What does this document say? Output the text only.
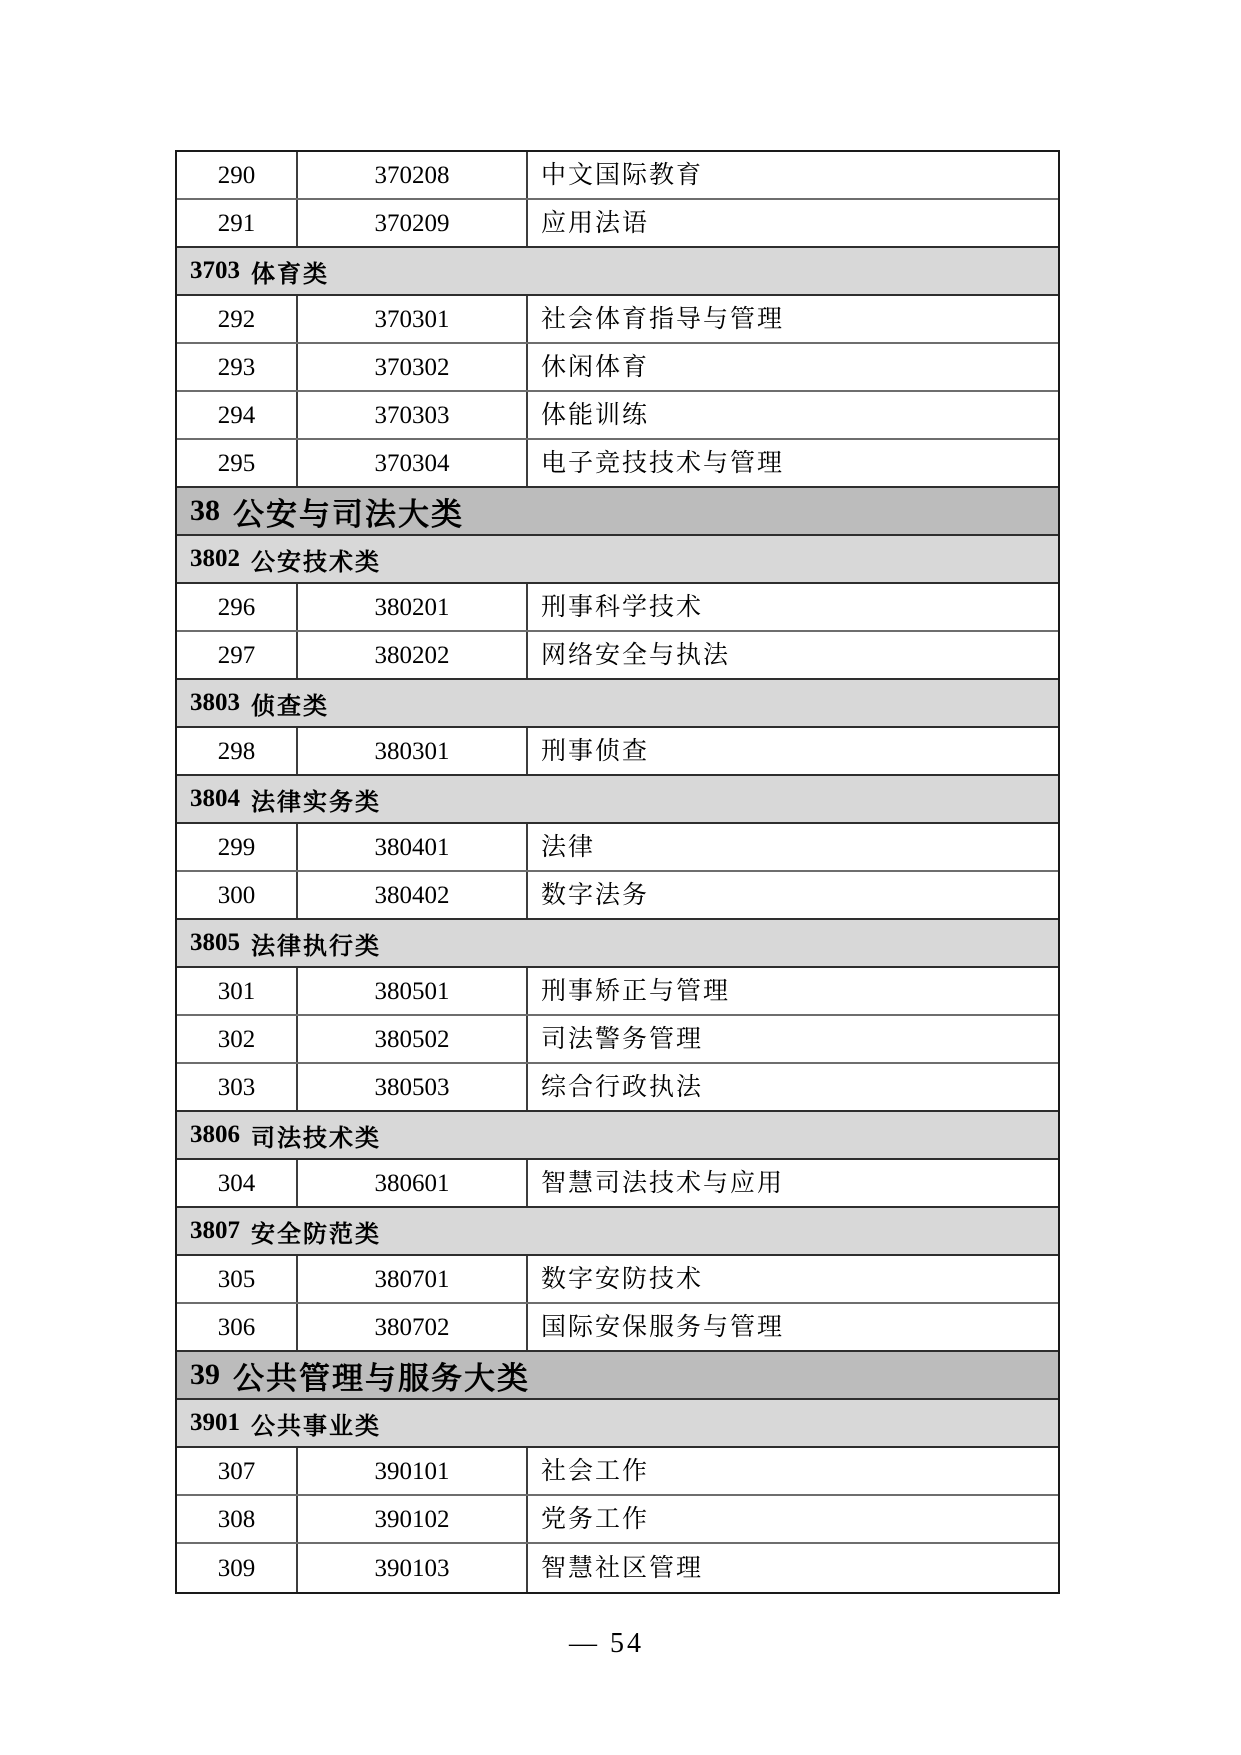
290	370208	中文国际教育
291	370209	应用法语
3703 体育类
292	370301	社会体育指导与管理
293	370302	休闲体育
294	370303	体能训练
295	370304	电子竞技技术与管理
38 公安与司法大类
3802 公安技术类
296	380201	刑事科学技术
297	380202	网络安全与执法
3803 侦查类
298	380301	刑事侦查
3804 法律实务类
299	380401	法律
300	380402	数字法务
3805 法律执行类
301	380501	刑事矫正与管理
302	380502	司法警务管理
303	380503	综合行政执法
3806 司法技术类
304	380601	智慧司法技术与应用
3807 安全防范类
305	380701	数字安防技术
306	380702	国际安保服务与管理
39 公共管理与服务大类
3901 公共事业类
307	390101	社会工作
308	390102	党务工作
309	390103	智慧社区管理
— 54
